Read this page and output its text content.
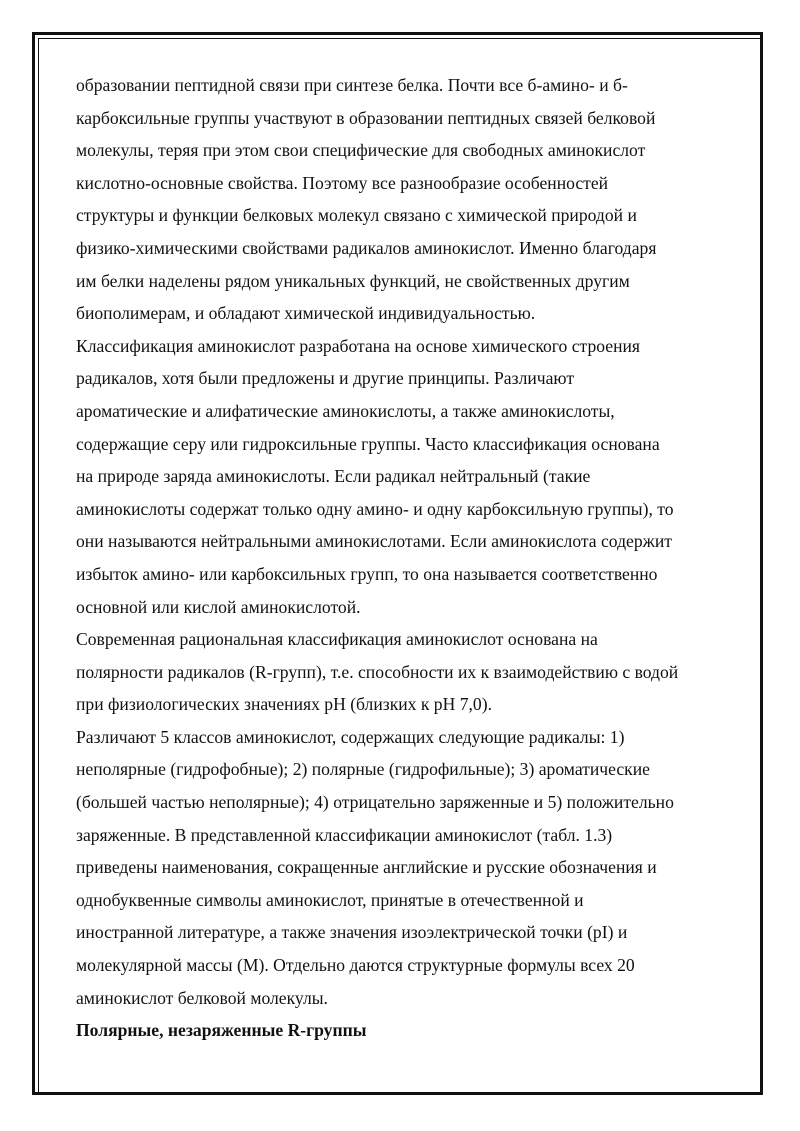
образовании пептидной связи при синтезе белка. Почти все б-амино- и б-
карбоксильные группы участвуют в образовании пептидных связей белковой
молекулы, теряя при этом свои специфические для свободных аминокислот
кислотно-основные свойства. Поэтому все разнообразие особенностей
структуры и функции белковых молекул связано с химической природой и
физико-химическими свойствами радикалов аминокислот. Именно благодаря
им белки наделены рядом уникальных функций, не свойственных другим
биополимерам, и обладают химической индивидуальностью.
Классификация аминокислот разработана на основе химического строения
радикалов, хотя были предложены и другие принципы. Различают
ароматические и алифатические аминокислоты, а также аминокислоты,
содержащие серу или гидроксильные группы. Часто классификация основана
на природе заряда аминокислоты. Если радикал нейтральный (такие
аминокислоты содержат только одну амино- и одну карбоксильную группы), то
они называются нейтральными аминокислотами. Если аминокислота содержит
избыток амино- или карбоксильных групп, то она называется соответственно
основной или кислой аминокислотой.
Современная рациональная классификация аминокислот основана на
полярности радикалов (R-групп), т.е. способности их к взаимодействию с водой
при физиологических значениях pH (близких к pH 7,0).
Различают 5 классов аминокислот, содержащих следующие радикалы: 1)
неполярные (гидрофобные); 2) полярные (гидрофильные); 3) ароматические
(большей частью неполярные); 4) отрицательно заряженные и 5) положительно
заряженные. В представленной классификации аминокислот (табл. 1.3)
приведены наименования, сокращенные английские и русские обозначения и
однобуквенные символы аминокислот, принятые в отечественной и
иностранной литературе, а также значения изоэлектрической точки (pI) и
молекулярной массы (M). Отдельно даются структурные формулы всех 20
аминокислот белковой молекулы.
Полярные, незаряженные R-группы
